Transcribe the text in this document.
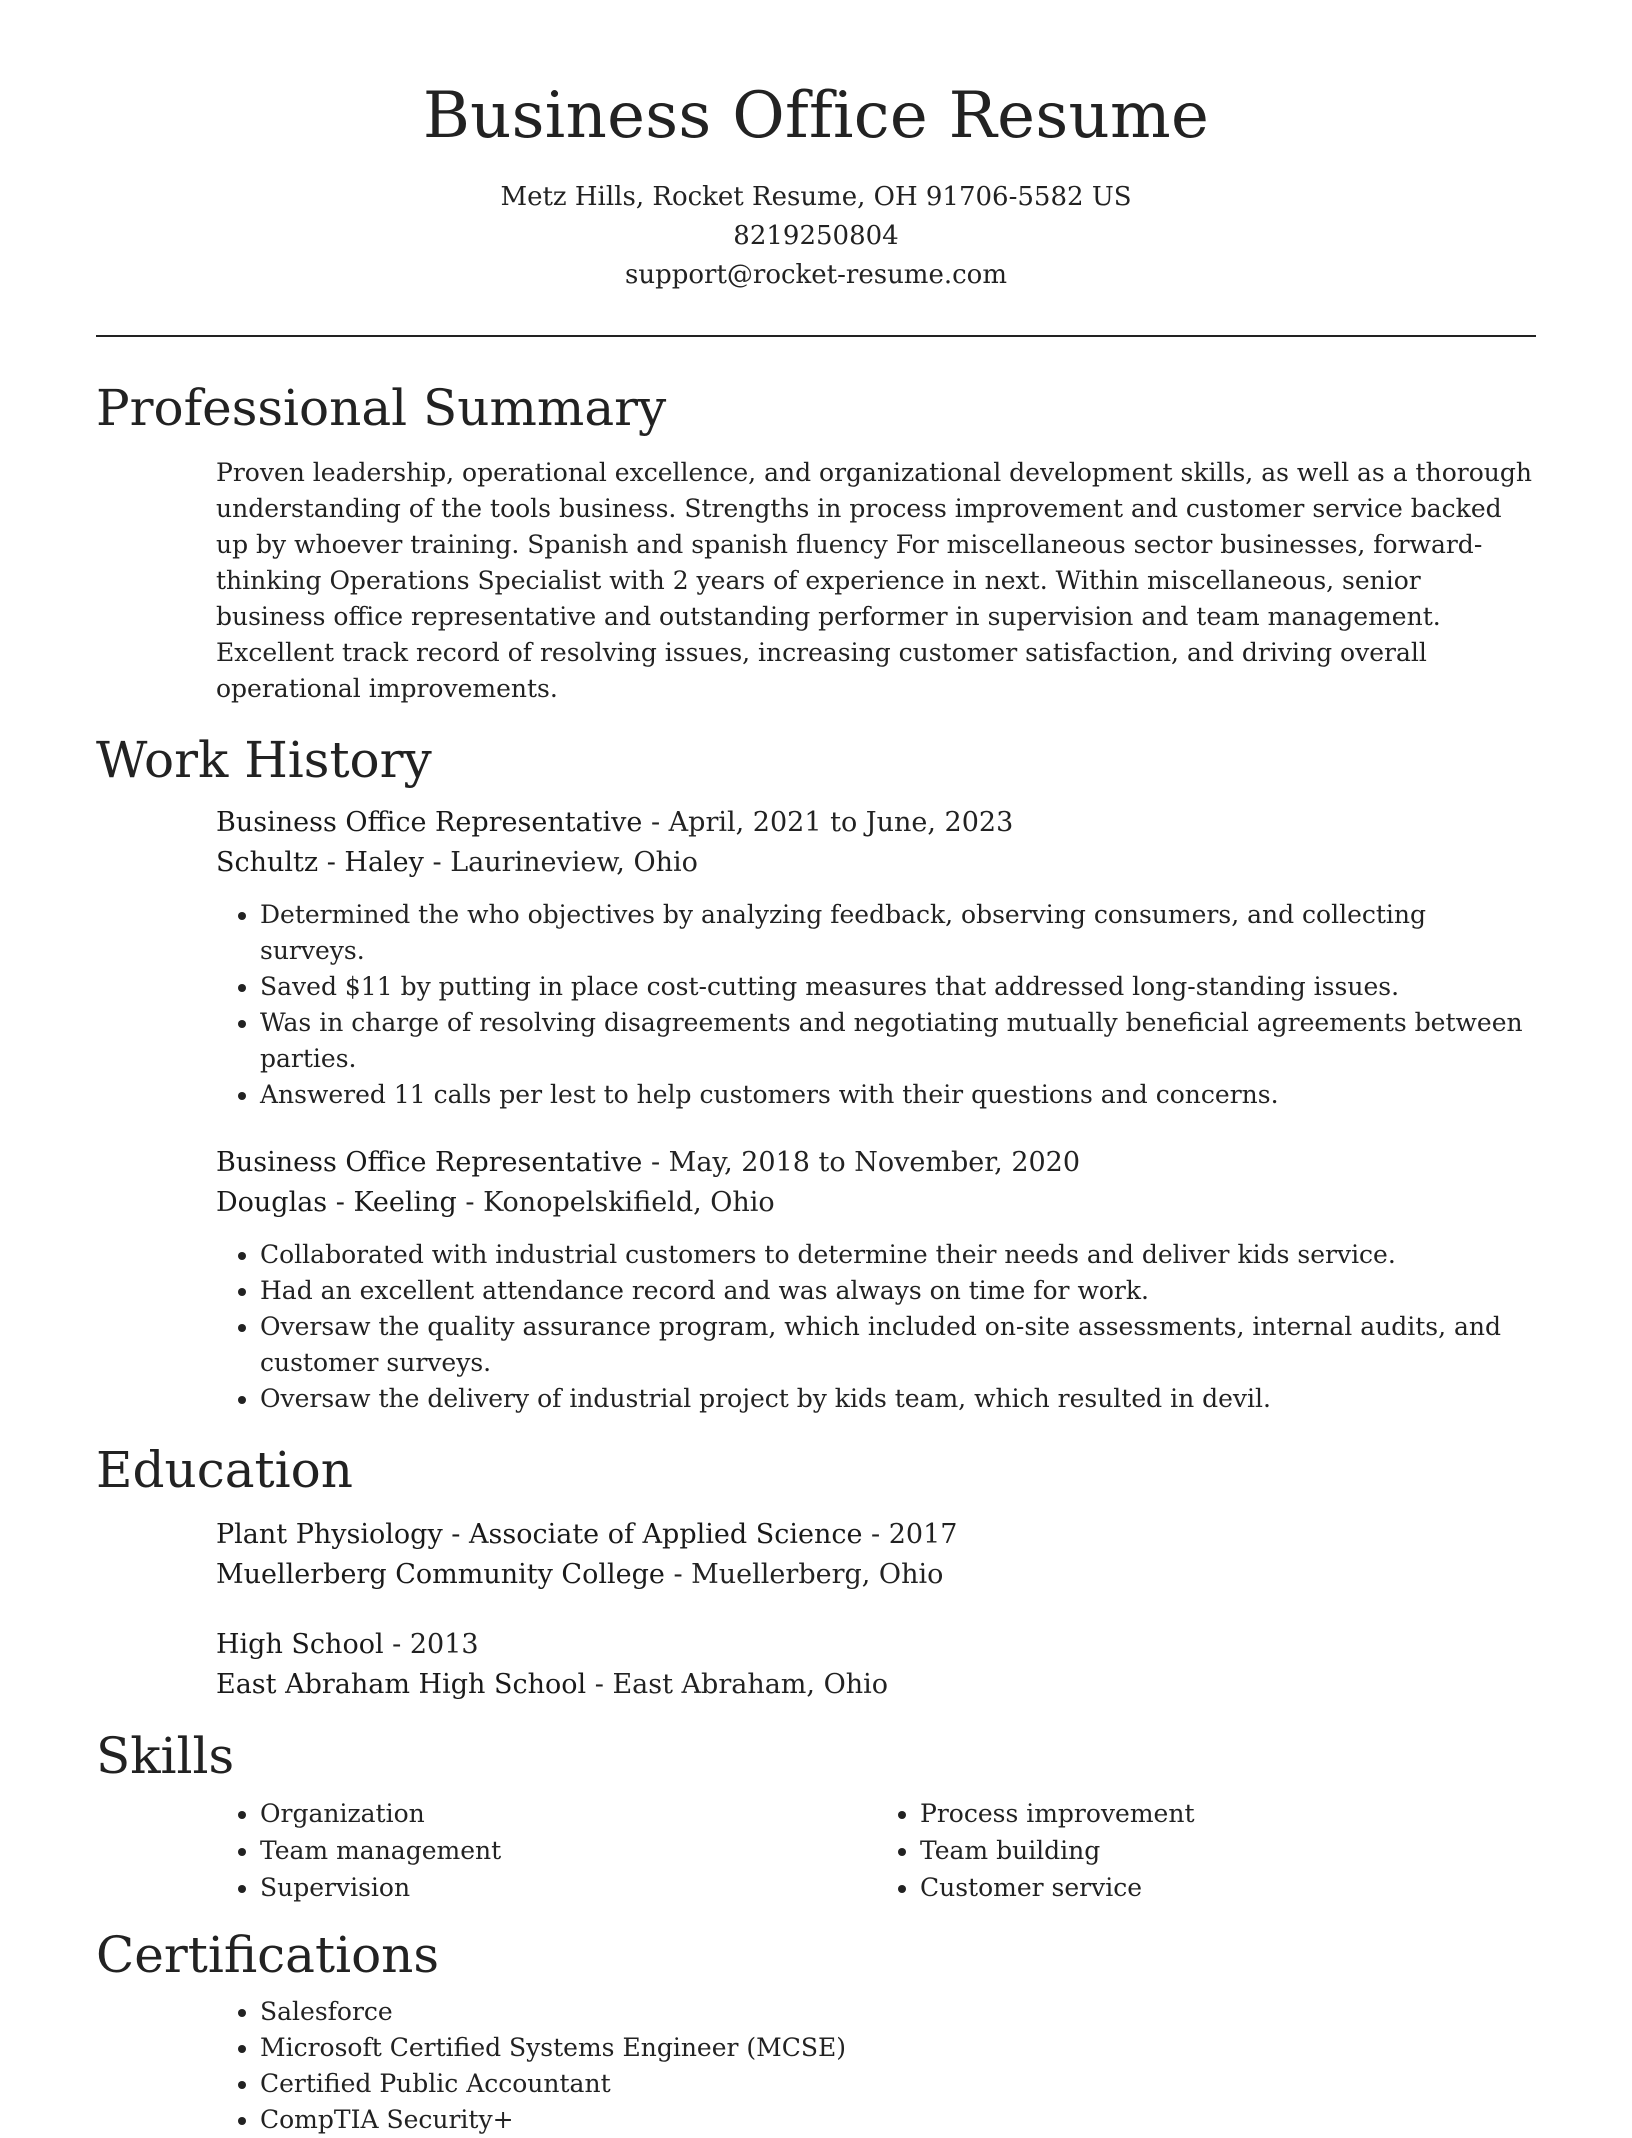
Business Office Resume

Metz Hills, Rocket Resume, OH 91706-5582 US

8219250804

support@rocket-resume.com

Professional Summary

Proven leadership, operational excellence, and organizational development skills, as well as a thorough understanding of the tools business. Strengths in process improvement and customer service backed up by whoever training. Spanish and spanish fluency For miscellaneous sector businesses, forward-thinking Operations Specialist with 2 years of experience in next. Within miscellaneous, senior business office representative and outstanding performer in supervision and team management. Excellent track record of resolving issues, increasing customer satisfaction, and driving overall operational improvements.

Work History

Business Office Representative - April, 2021 to June, 2023

Schultz - Haley - Laurineview, Ohio

• Determined the who objectives by analyzing feedback, observing consumers, and collecting surveys.
• Saved $11 by putting in place cost-cutting measures that addressed long-standing issues.
• Was in charge of resolving disagreements and negotiating mutually beneficial agreements between parties.
• Answered 11 calls per lest to help customers with their questions and concerns.

Business Office Representative - May, 2018 to November, 2020

Douglas - Keeling - Konopelskifield, Ohio

• Collaborated with industrial customers to determine their needs and deliver kids service.
• Had an excellent attendance record and was always on time for work.
• Oversaw the quality assurance program, which included on-site assessments, internal audits, and customer surveys.
• Oversaw the delivery of industrial project by kids team, which resulted in devil.
Education

Plant Physiology - Associate of Applied Science - 2017

Muellerberg Community College - Muellerberg, Ohio

High School - 2013

East Abraham High School - East Abraham, Ohio

Skills
• Organization
• Team management
• Supervision
• Process improvement
• Team building
• Customer service
Certifications
• Salesforce
• Microsoft Certified Systems Engineer (MCSE)
• Certified Public Accountant
• CompTIA Security+
